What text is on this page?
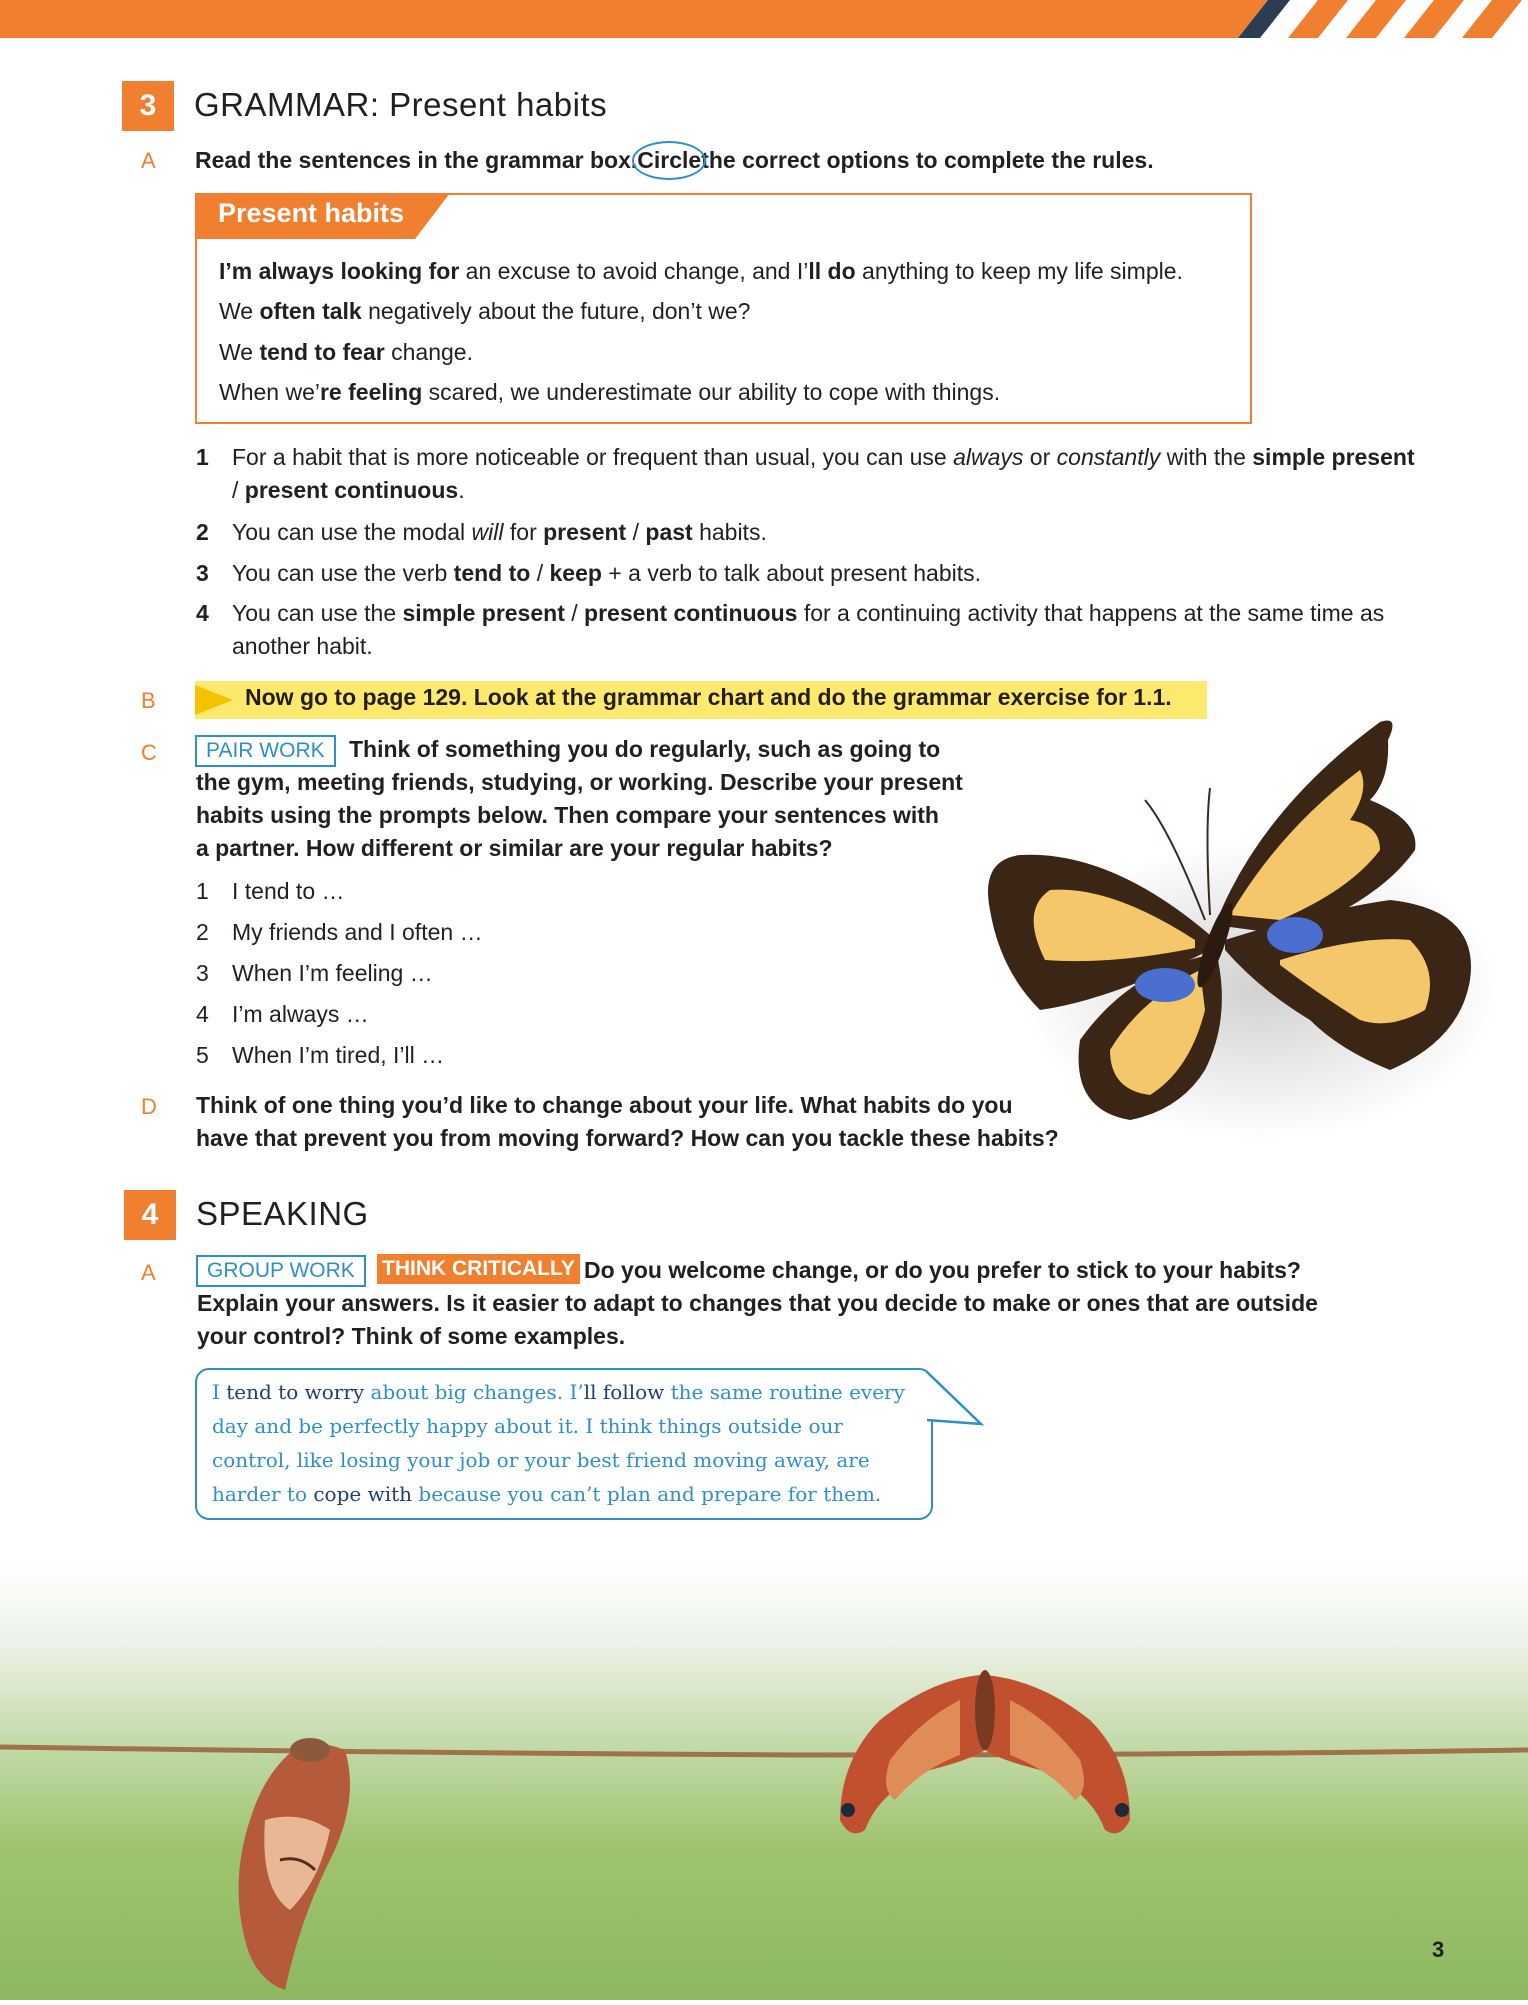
3	GRAMMAR: Present habits
A Read the sentences in the grammar box.Circlethe correct options to complete the rules.
Present habits
I’m always looking for an excuse to avoid change, and I’ll do anything to keep my life simple.
We often talk negatively about the future, don’t we?
We tend to fear change.
When we’re feeling scared, we underestimate our ability to cope with things.
1 For a habit that is more noticeable or frequent than usual, you can use always or constantly with the simple present / present continuous.
2 You can use the modal will for present / past habits.
3 You can use the verb tend to / keep + a verb to talk about present habits.
4 You can use the simple present / present continuous for a continuing activity that happens at the same time as another habit.
B	Now go to page 129. Look at the grammar chart and do the grammar exercise for 1.1.
C	PAIR WORK	Think of something you do regularly, such as going to
the gym, meeting friends, studying, or working. Describe your present
habits using the prompts below. Then compare your sentences with
a partner. How different or similar are your regular habits?
1 I tend to …
2 My friends and I often …
3 When I’m feeling …
4 I’m always …
5 When I’m tired, I’ll …
D Think of one thing you’d like to change about your life. What habits do you
have that prevent you from moving forward? How can you tackle these habits?
4	SPEAKING
A	GROUP WORK	THINK CRITICALLY Do you welcome change, or do you prefer to stick to your habits?
Explain your answers. Is it easier to adapt to changes that you decide to make or ones that are outside
your control? Think of some examples.
I tend to worry about big changes. I’ll follow the same routine every
day and be perfectly happy about it. I think things outside our
control, like losing your job or your best friend moving away, are
harder to cope with because you can’t plan and prepare for them.
3
